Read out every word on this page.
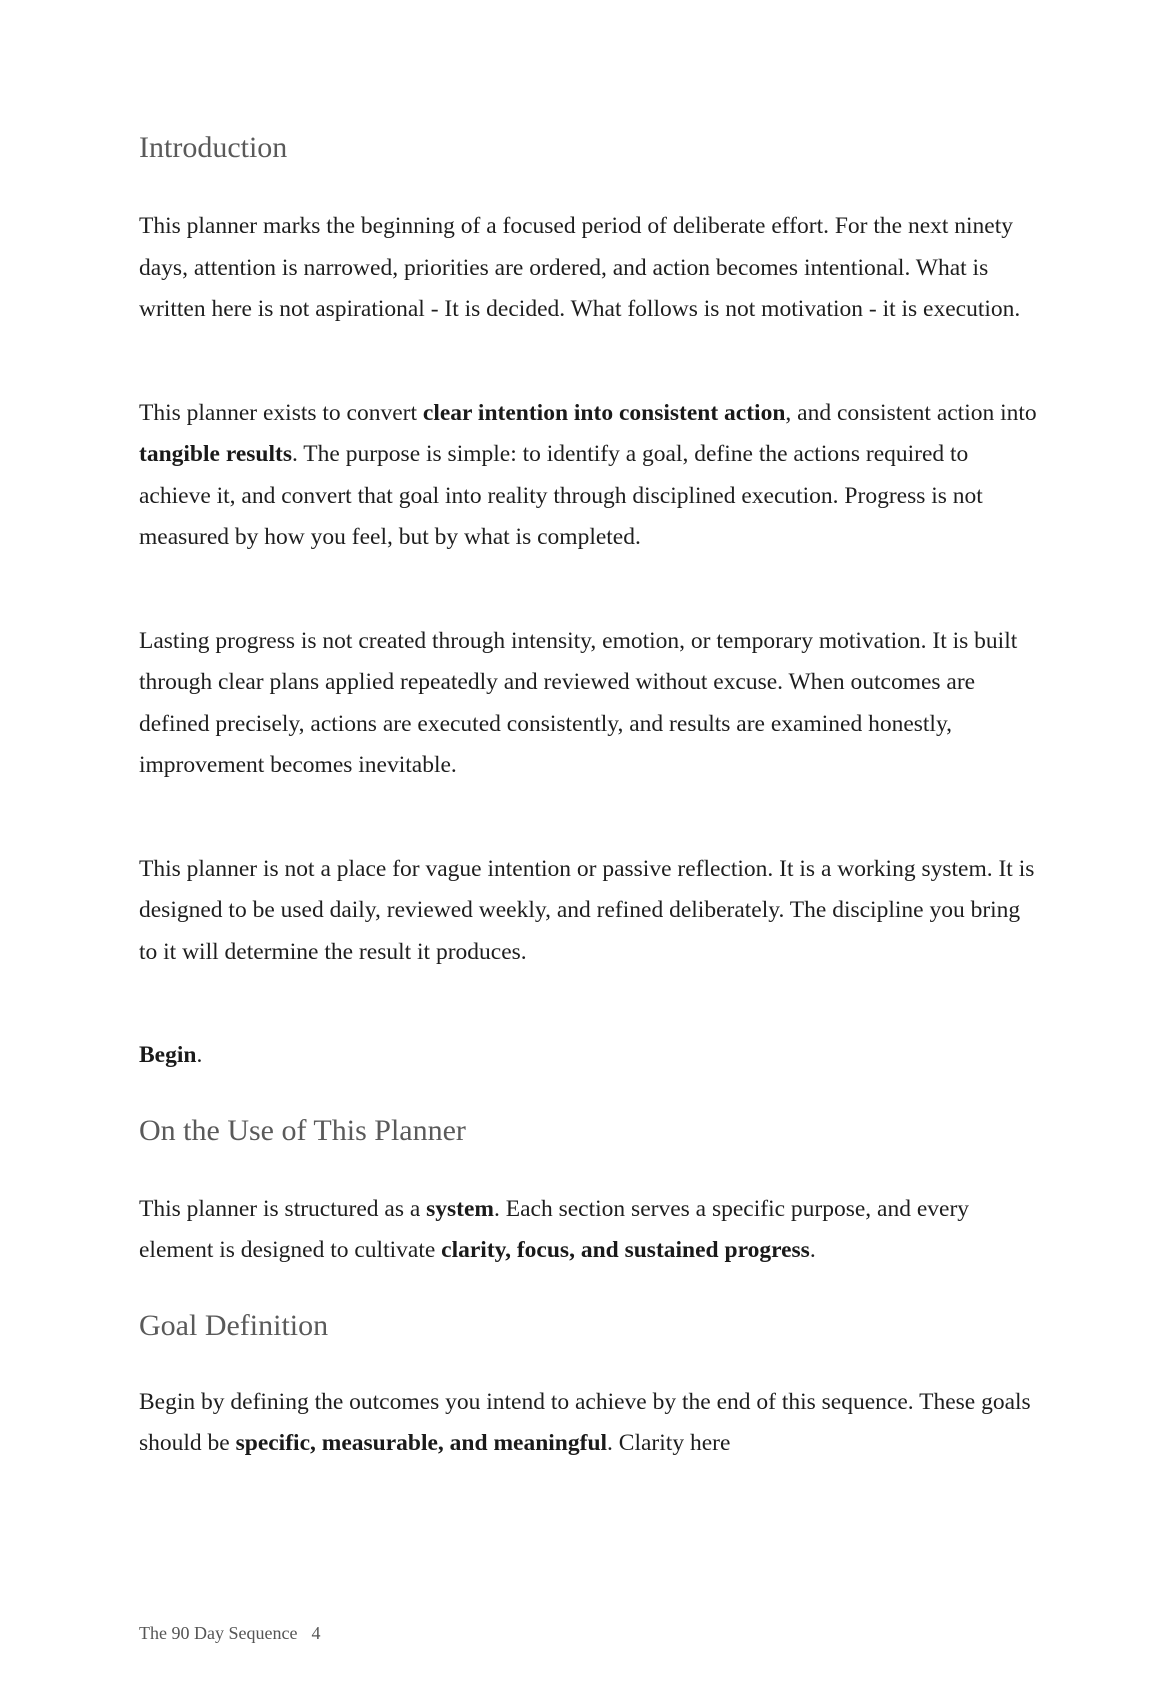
Introduction

This planner marks the beginning of a focused period of deliberate effort. For the next ninety days, attention is narrowed, priorities are ordered, and action becomes intentional. What is written here is not aspirational - It is decided. What follows is not motivation - it is execution.

This planner exists to convert clear intention into consistent action, and consistent action into tangible results. The purpose is simple: to identify a goal, define the actions required to achieve it, and convert that goal into reality through disciplined execution. Progress is not measured by how you feel, but by what is completed.

Lasting progress is not created through intensity, emotion, or temporary motivation. It is built through clear plans applied repeatedly and reviewed without excuse. When outcomes are defined precisely, actions are executed consistently, and results are examined honestly, improvement becomes inevitable.

This planner is not a place for vague intention or passive reflection. It is a working system. It is designed to be used daily, reviewed weekly, and refined deliberately. The discipline you bring to it will determine the result it produces.

Begin.

On the Use of This Planner

This planner is structured as a system. Each section serves a specific purpose, and every element is designed to cultivate clarity, focus, and sustained progress.

Goal Definition

Begin by defining the outcomes you intend to achieve by the end of this sequence. These goals should be specific, measurable, and meaningful. Clarity here

The 90 Day Sequence 4
